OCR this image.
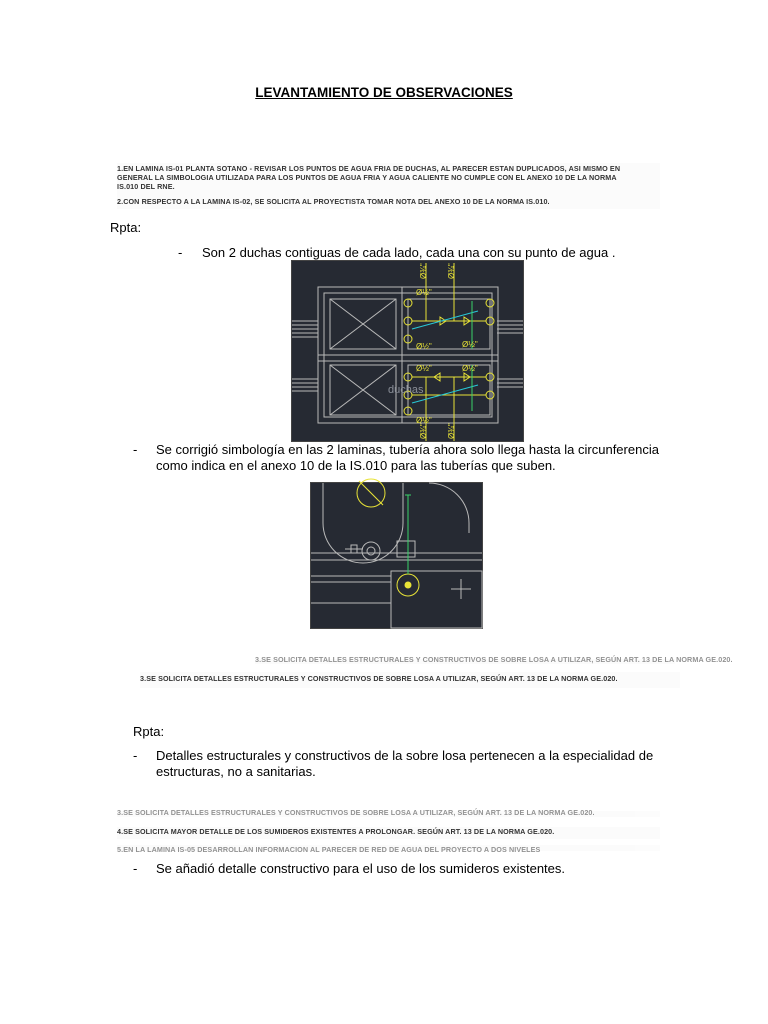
LEVANTAMIENTO DE OBSERVACIONES
1.EN LAMINA IS-01 PLANTA SOTANO - REVISAR LOS PUNTOS DE AGUA FRIA DE DUCHAS, AL PARECER ESTAN DUPLICADOS, ASI MISMO EN
GENERAL LA SIMBOLOGIA UTILIZADA PARA LOS PUNTOS DE AGUA FRIA Y AGUA CALIENTE NO CUMPLE CON EL ANEXO 10 DE LA NORMA
IS.010 DEL RNE.
2.CON RESPECTO A LA LAMINA IS-02, SE SOLICITA AL PROYECTISTA TOMAR NOTA DEL ANEXO 10 DE LA NORMA IS.010.
Rpta:
- Son 2 duchas contiguas de cada lado, cada una con su punto de agua .
Ø½"
Ø½"	Ø½"
Ø½"	Ø½"
Ø½"
Ø¾" Ø¾"
Ø¾" Ø¾"
duchas
- Se corrigió simbología en las 2 laminas, tubería ahora solo llega hasta la circunferencia como indica en el anexo 10 de la IS.010 para las tuberías que suben.
3.SE SOLICITA DETALLES ESTRUCTURALES Y CONSTRUCTIVOS DE SOBRE LOSA A UTILIZAR, SEGÚN ART. 13 DE LA NORMA GE.020.
3.SE SOLICITA DETALLES ESTRUCTURALES Y CONSTRUCTIVOS DE SOBRE LOSA A UTILIZAR, SEGÚN ART. 13 DE LA NORMA GE.020.
Rpta:
- Detalles estructurales y constructivos de la sobre losa pertenecen a la especialidad de estructuras, no a sanitarias.
3.SE SOLICITA DETALLES ESTRUCTURALES Y CONSTRUCTIVOS DE SOBRE LOSA A UTILIZAR, SEGÚN ART. 13 DE LA NORMA GE.020.
4.SE SOLICITA MAYOR DETALLE DE LOS SUMIDEROS EXISTENTES A PROLONGAR. SEGÚN ART. 13 DE LA NORMA GE.020.
5.EN LA LAMINA IS-05 DESARROLLAN INFORMACION AL PARECER DE RED DE AGUA DEL PROYECTO A DOS NIVELES
- Se añadió detalle constructivo para el uso de los sumideros existentes.
